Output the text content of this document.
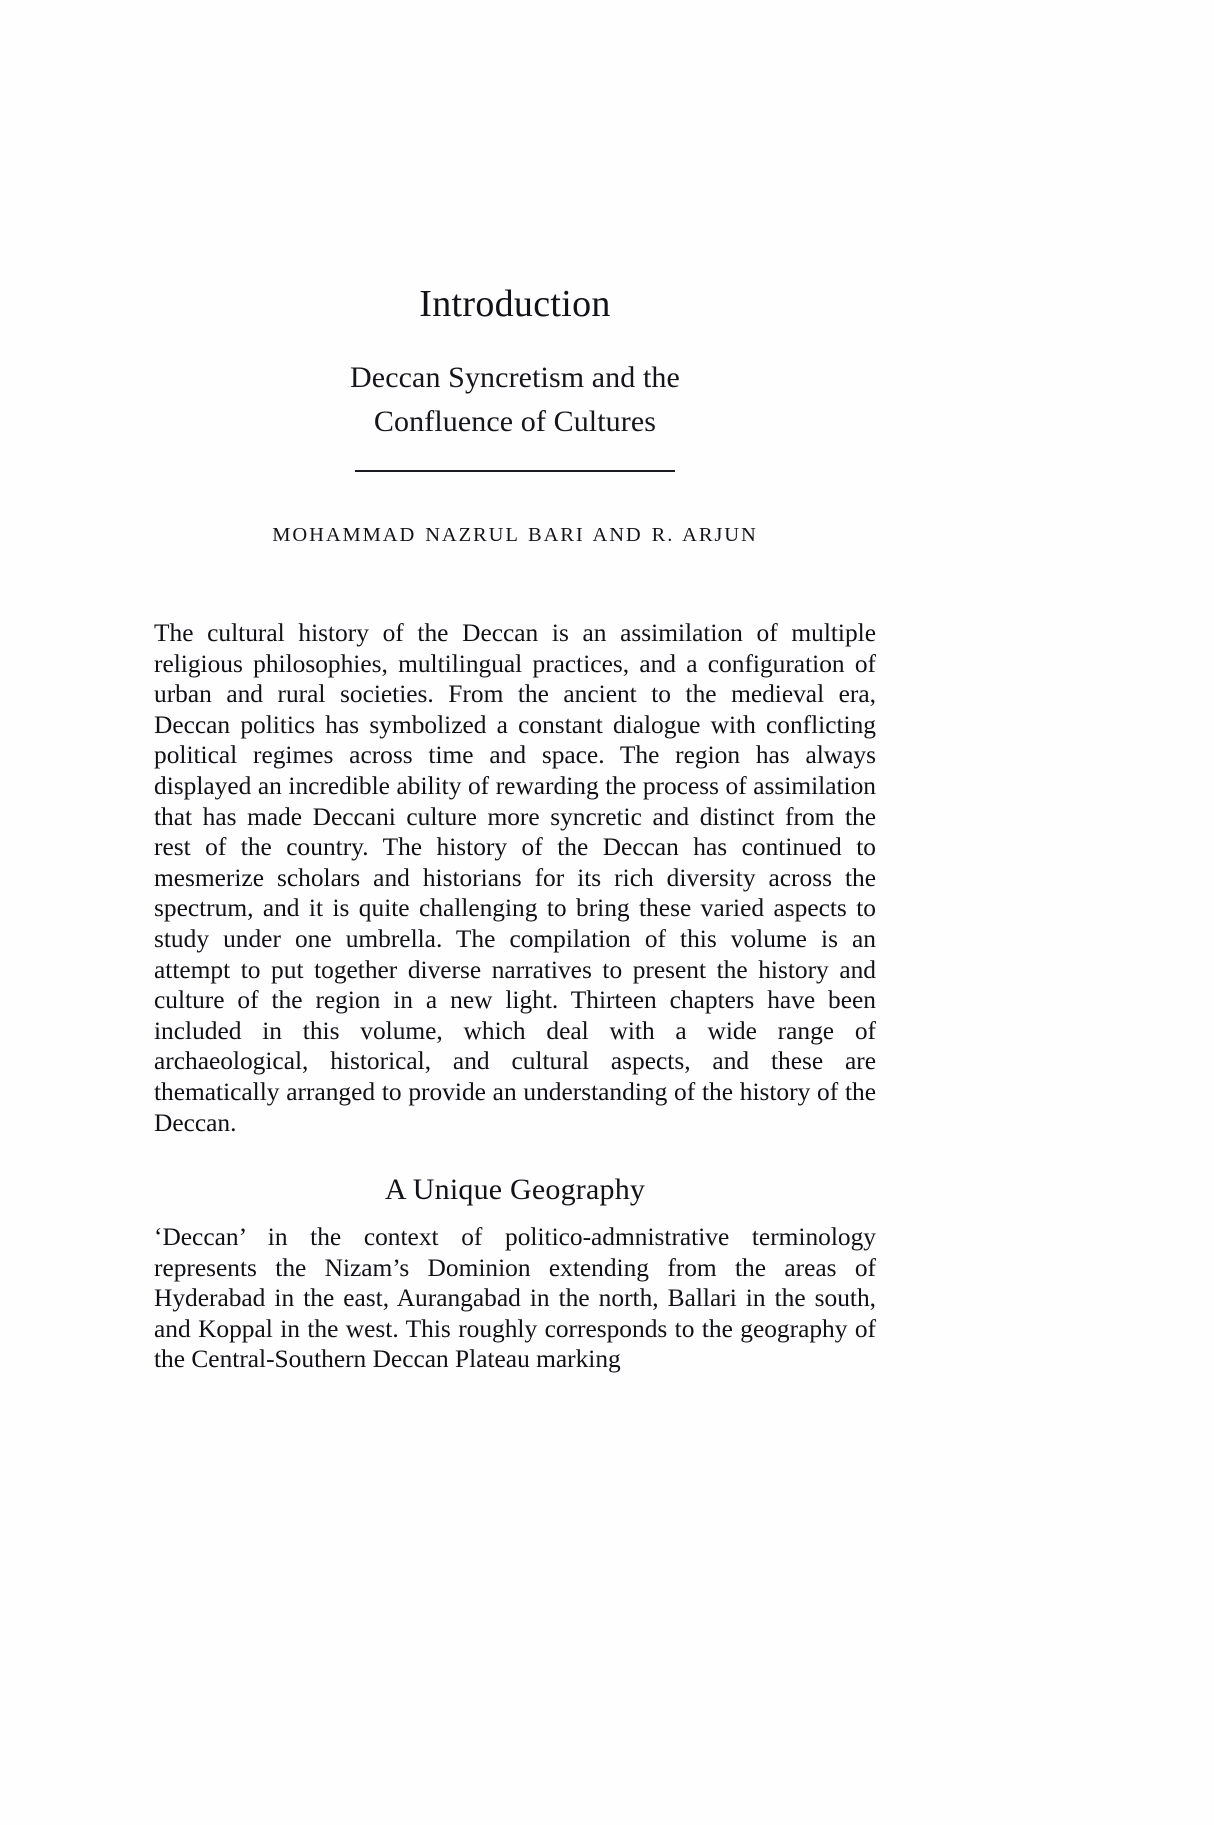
Introduction
Deccan Syncretism and the
Confluence of Cultures
MOHAMMAD NAZRUL BARI AND R. ARJUN

The cultural history of the Deccan is an assimilation of multiple religious philosophies, multilingual practices, and a configuration of urban and rural societies. From the ancient to the medieval era, Deccan politics has symbolized a constant dialogue with conflicting political regimes across time and space. The region has always displayed an incredible ability of rewarding the process of assimilation that has made Deccani culture more syncretic and distinct from the rest of the country. The history of the Deccan has continued to mesmerize scholars and historians for its rich diversity across the spectrum, and it is quite challenging to bring these varied aspects to study under one umbrella. The compilation of this volume is an attempt to put together diverse narratives to present the history and culture of the region in a new light. Thirteen chapters have been included in this volume, which deal with a wide range of archaeological, historical, and cultural aspects, and these are thematically arranged to provide an understanding of the history of the Deccan.

A Unique Geography

‘Deccan’ in the context of politico-admnistrative terminology represents the Nizam’s Dominion extending from the areas of Hyderabad in the east, Aurangabad in the north, Ballari in the south, and Koppal in the west. This roughly corresponds to the geography of the Central-Southern Deccan Plateau marking
